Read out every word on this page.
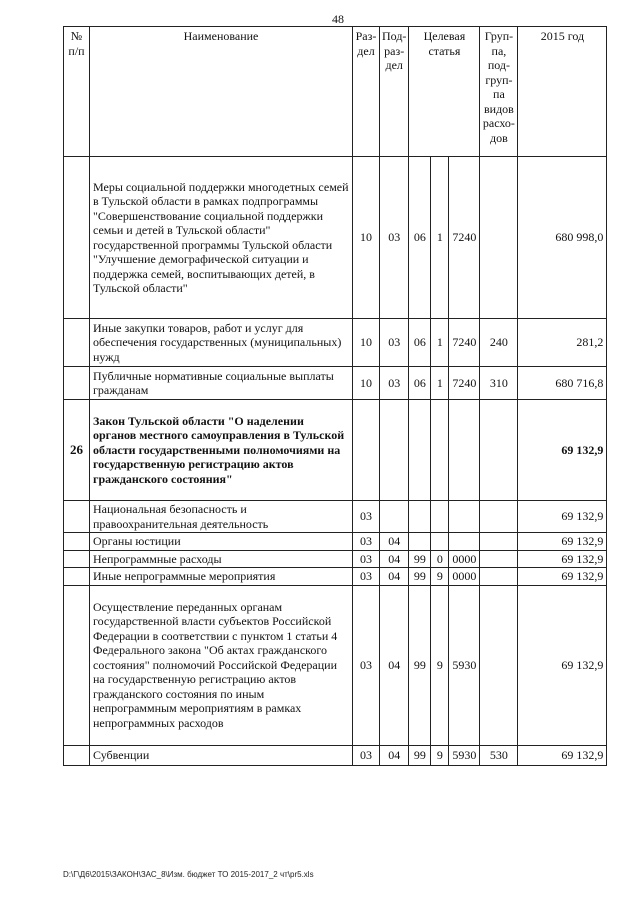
48
№ п/п	Наименование	Раз-дел	Под-раз-дел	Целевая статья			Груп-па, под-груп-па видов расхо-дов	2015 год
	Меры социальной поддержки многодетных семей в Тульской области в рамках подпрограммы "Совершенствование социальной поддержки семьи и детей в Тульской области" государственной программы Тульской области "Улучшение демографической ситуации и поддержка семей, воспитывающих детей, в Тульской области"	10	03	06	1	7240		680 998,0
	Иные закупки товаров, работ и услуг для обеспечения государственных (муниципальных) нужд	10	03	06	1	7240	240	281,2
	Публичные нормативные социальные выплаты гражданам	10	03	06	1	7240	310	680 716,8
26	Закон Тульской области "О наделении органов местного самоуправления в Тульской области государственными полномочиями на государственную регистрацию актов гражданского состояния"							69 132,9
	Национальная безопасность и правоохранительная деятельность	03						69 132,9
	Органы юстиции	03	04					69 132,9
	Непрограммные расходы	03	04	99	0	0000		69 132,9
	Иные непрограммные мероприятия	03	04	99	9	0000		69 132,9
	Осуществление переданных органам государственной власти субъектов Российской Федерации в соответствии с пунктом 1 статьи 4 Федерального закона "Об актах гражданского состояния" полномочий Российской Федерации на государственную регистрацию актов гражданского состояния по иным непрограммным мероприятиям в рамках непрограммных расходов	03	04	99	9	5930		69 132,9
	Субвенции	03	04	99	9	5930	530	69 132,9
D:\Г\Д6\2015\ЗАКОН\ЗАС_8\Изм. бюджет ТО 2015-2017_2 чт\pr5.xls
